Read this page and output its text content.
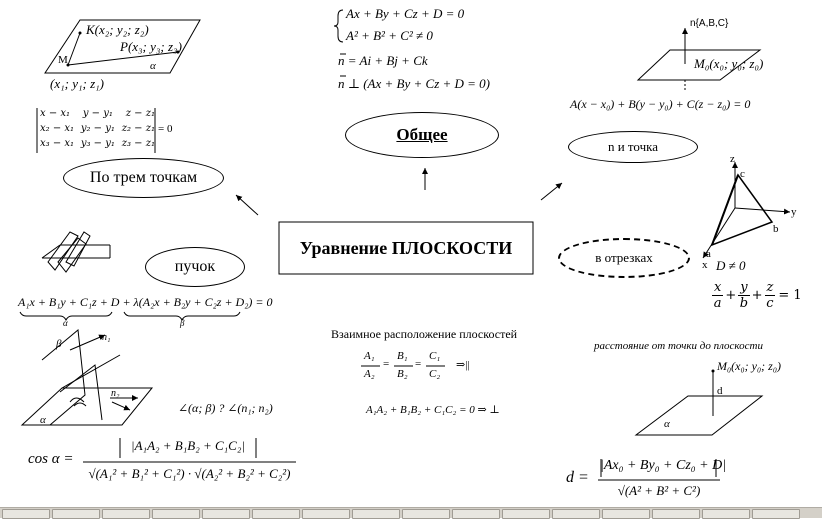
K(x₂; y₂; z₂)
P(x₃; y₃; z₃)
M	α
(x₁; y₁; z₁)
x − x₁ y − y₁ z − z₁
x₂ − x₁ y₂ − y₁ z₂ − z₁
x₃ − x₁ y₃ − y₁ z₃ − z₁
= 0
По трем точкам
Ax + By + Cz + D = 0
A² + B² + C² ≠ 0
n = Ai + Bj + Ck
n ⊥ (Ax + By + Cz + D = 0)
Общее
n{A,B,C}
M₀(x₀; y₀; z₀)
A(x − x₀) + B(y − y₀) + C(z − z₀) = 0
n и точка
Уравнение ПЛОСКОСТИ	в отрезках
z
y
x
c
b
a
D ≠ 0
$\frac{x}{a} + \frac{y}{b} + \frac{z}{c} = 1$
пучок
A₁x + B₁y + C₁z + D + λ(A₂x + B₂y + C₂z + D₂) = 0
α	β
Взаимное расположение плоскостей
A₁
A₂
=
B₁
B₂
=
C₁
C₂
⇒||
A₁A₂ + B₁B₂ + C₁C₂ = 0 ⇒ ⊥
β
α
n₁
n₂
∠(α; β) ? ∠(n₁; n₂)
cos α =
|A₁A₂ + B₁B₂ + C₁C₂|
√(A₁² + B₁² + C₁²) · √(A₂² + B₂² + C₂²)
расстояние от точки до плоскости
M₀(x₀; y₀; z₀)
d
α
d =
|Ax₀ + By₀ + Cz₀ + D|
√(A² + B² + C²)
